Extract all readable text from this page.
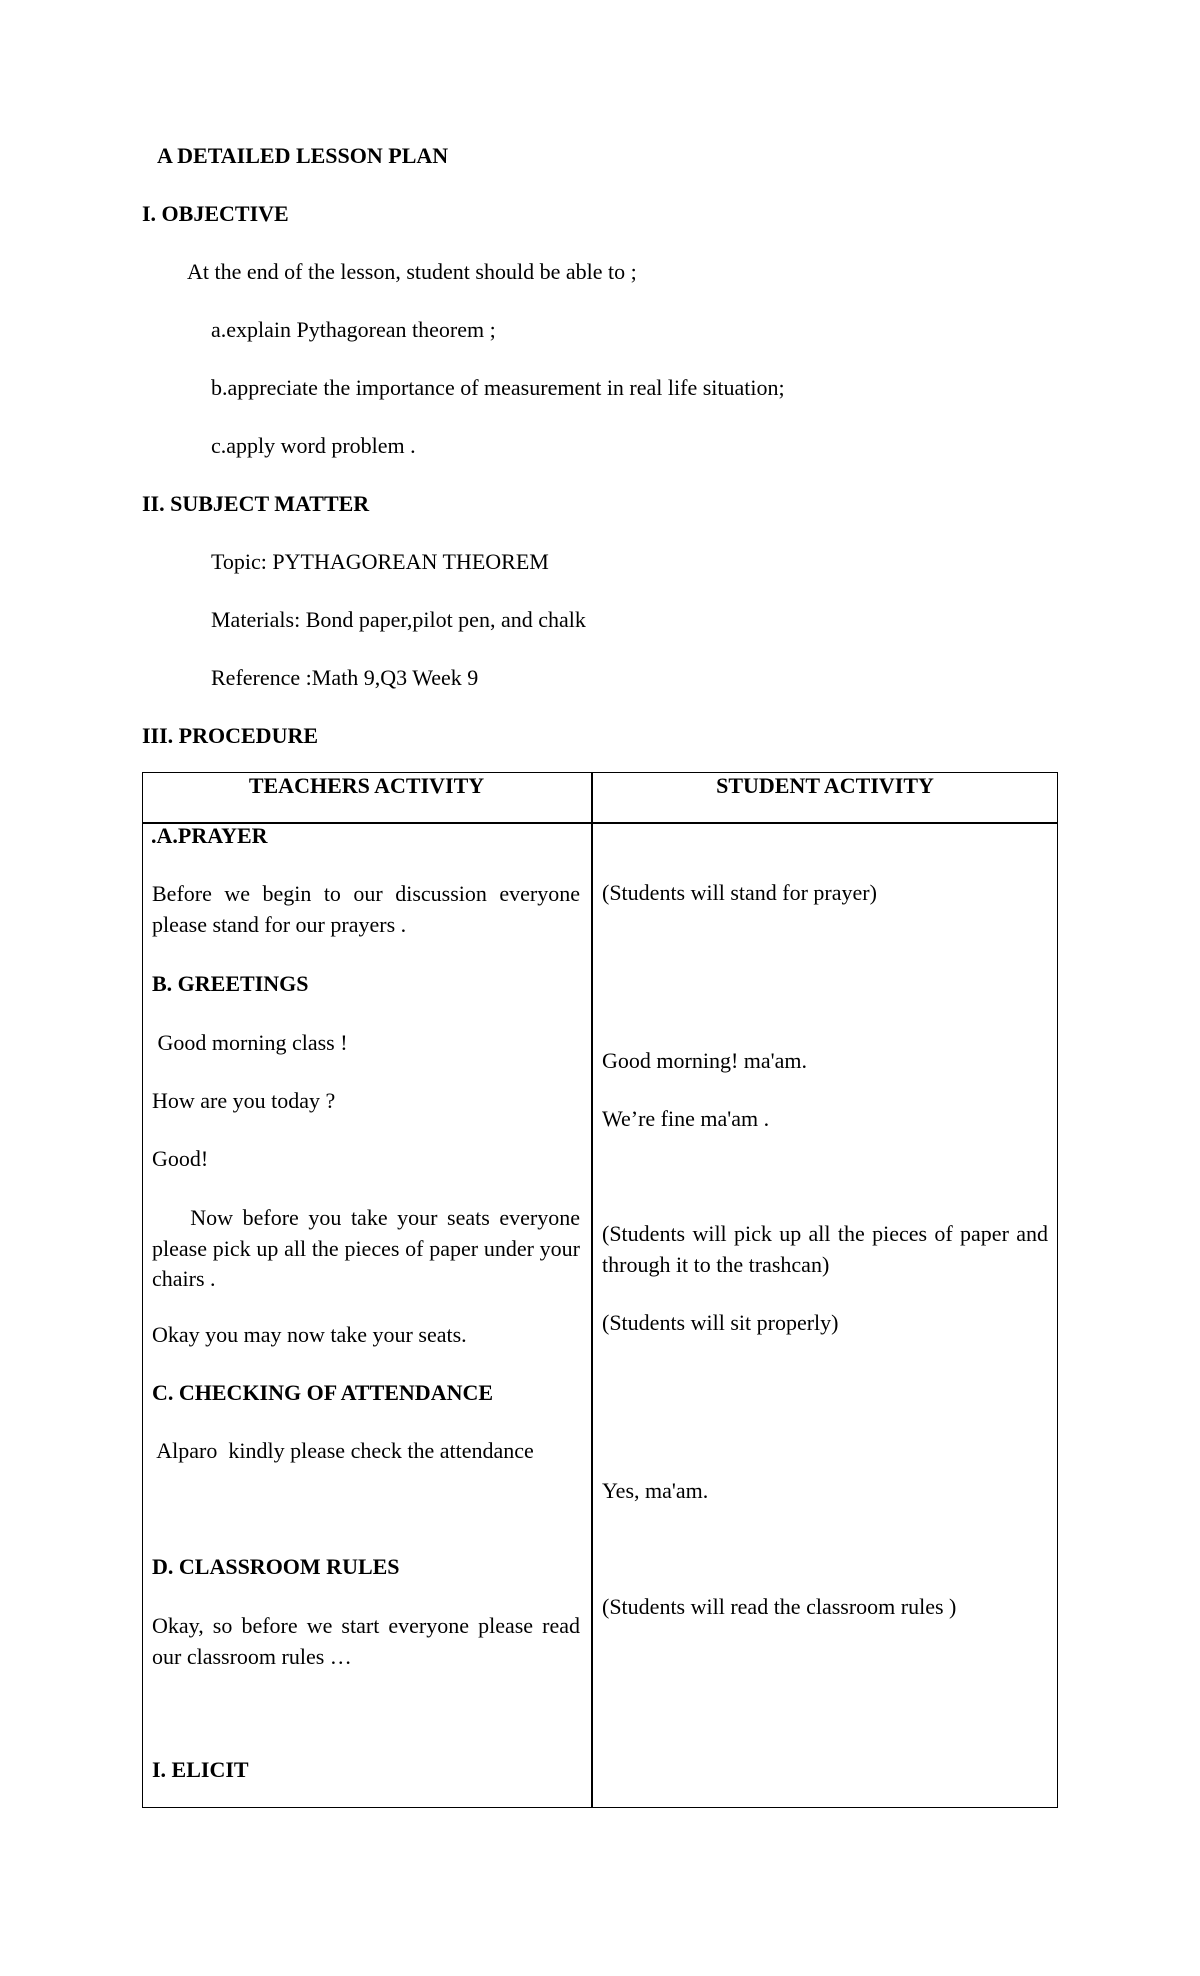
A DETAILED LESSON PLAN
I. OBJECTIVE
At the end of the lesson, student should be able to ;
a.explain Pythagorean theorem ;
b.appreciate the importance of measurement in real life situation;
c.apply word problem .
II. SUBJECT MATTER
Topic: PYTHAGOREAN THEOREM
Materials: Bond paper,pilot pen, and chalk
Reference :Math 9,Q3 Week 9
III. PROCEDURE
TEACHERS ACTIVITY	STUDENT ACTIVITY
.A.PRAYER
Before we begin to our discussion everyone please stand for our prayers .
B. GREETINGS
Good morning class !
How are you today ?
Good!
Now before you take your seats everyone please pick up all the pieces of paper under your chairs .
Okay you may now take your seats.
C. CHECKING OF ATTENDANCE
Alparo  kindly please check the attendance
D. CLASSROOM RULES
Okay, so before we start everyone please read our classroom rules …
I. ELICIT
(Students will stand for prayer)
Good morning! ma'am.
We’re fine ma'am .
(Students will pick up all the pieces of paper and through it to the trashcan)
(Students will sit properly)
Yes, ma'am.
(Students will read the classroom rules )
